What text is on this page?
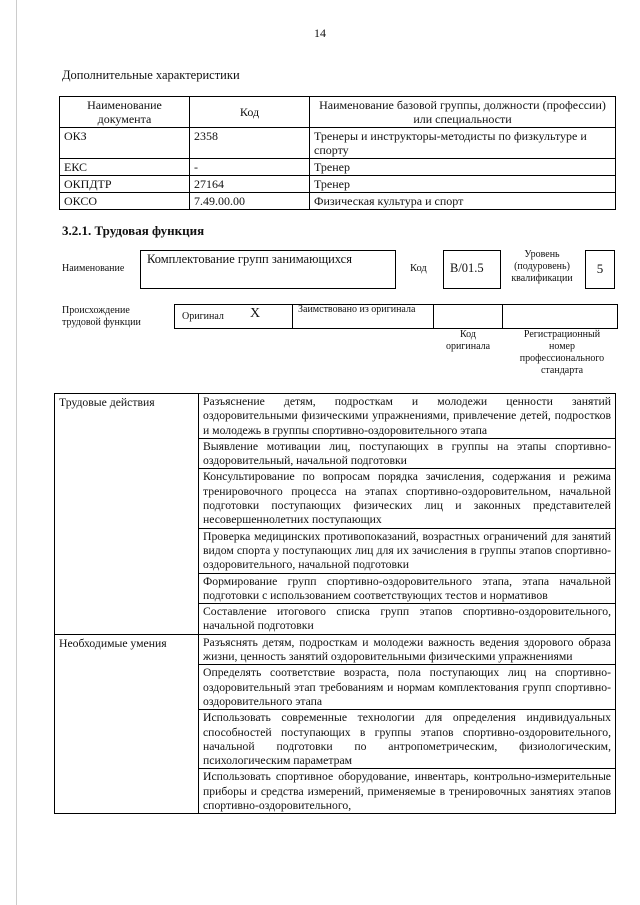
14
Дополнительные характеристики
Наименование документа	Код	Наименование базовой группы, должности (профессии) или специальности
ОКЗ	2358	Тренеры и инструкторы-методисты по физкультуре и спорту
ЕКС	-	Тренер
ОКПДТР	27164	Тренер
ОКСО	7.49.00.00	Физическая культура и спорт
3.2.1. Трудовая функция
Наименование
Комплектование групп занимающихся
Код В/01.5
Уровень (подуровень) квалификации
5
Происхождение трудовой функции
Оригинал X	Заимствовано из оригинала
Код оригинала
Регистрационный номер профессионального стандарта
Трудовые действия	Разъяснение детям, подросткам и молодежи ценности занятий оздоровительными физическими упражнениями, привлечение детей, подростков и молодежь в группы спортивно-оздоровительного этапа
	Выявление мотивации лиц, поступающих в группы на этапы спортивно-оздоровительный, начальной подготовки
	Консультирование по вопросам порядка зачисления, содержания и режима тренировочного процесса на этапах спортивно-оздоровительном, начальной подготовки поступающих физических лиц и законных представителей несовершеннолетних поступающих
	Проверка медицинских противопоказаний, возрастных ограничений для занятий видом спорта у поступающих лиц для их зачисления в группы этапов спортивно-оздоровительного, начальной подготовки
	Формирование групп спортивно-оздоровительного этапа, этапа начальной подготовки с использованием соответствующих тестов и нормативов
	Составление итогового списка групп этапов спортивно-оздоровительного, начальной подготовки
Необходимые умения	Разъяснять детям, подросткам и молодежи важность ведения здорового образа жизни, ценность занятий оздоровительными физическими упражнениями
	Определять соответствие возраста, пола поступающих лиц на спортивно-оздоровительный этап требованиям и нормам комплектования групп спортивно-оздоровительного этапа
	Использовать современные технологии для определения индивидуальных способностей поступающих в группы этапов спортивно-оздоровительного, начальной подготовки по антропометрическим, физиологическим, психологическим параметрам
	Использовать спортивное оборудование, инвентарь, контрольно-измерительные приборы и средства измерений, применяемые в тренировочных занятиях этапов спортивно-оздоровительного,
